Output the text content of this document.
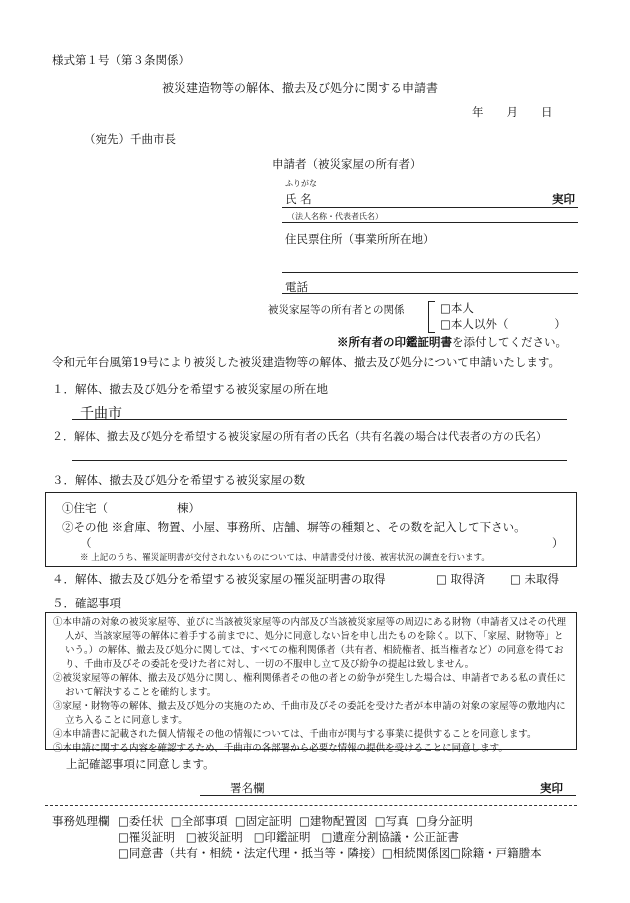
様式第１号（第３条関係）
被災建造物等の解体、撤去及び処分に関する申請書
年　　月　　日
（宛先）千曲市長
申請者（被災家屋の所有者）
ふりがな
氏 名	実印
（法人名称・代表者氏名）
住民票住所（事業所所在地）
電話
被災家屋等の所有者との関係	□本人
□本人以外（　　　　）
※所有者の印鑑証明書を添付してください。
令和元年台風第19号により被災した被災建造物等の解体、撤去及び処分について申請いたします。
１．解体、撤去及び処分を希望する被災家屋の所在地
千曲市
２．解体、撤去及び処分を希望する被災家屋の所有者の氏名（共有名義の場合は代表者の方の氏名）
３．解体、撤去及び処分を希望する被災家屋の数
①住宅（　　　　　　棟）
②その他 ※倉庫、物置、小屋、事務所、店舗、塀等の種類と、その数を記入して下さい。
（	）
※ 上記のうち、罹災証明書が交付されないものについては、申請書受付け後、被害状況の調査を行います。
４．解体、撤去及び処分を希望する被災家屋の罹災証明書の取得	□ 取得済 □ 未取得
５．確認事項

①本申請の対象の被災家屋等、並びに当該被災家屋等の内部及び当該被災家屋等の周辺にある財物（申請者又はその代理人が、当該家屋等の解体に着手する前までに、処分に同意しない旨を申し出たものを除く。以下、「家屋、財物等」という。）の解体、撤去及び処分に関しては、すべての権利関係者（共有者、相続権者、抵当権者など）の同意を得ており、千曲市及びその委託を受けた者に対し、一切の不服申し立て及び紛争の提起は致しません。

②被災家屋等の解体、撤去及び処分に関し、権利関係者その他の者との紛争が発生した場合は、申請者である私の責任において解決することを確約します。

③家屋・財物等の解体、撤去及び処分の実施のため、千曲市及びその委託を受けた者が本申請の対象の家屋等の敷地内に立ち入ることに同意します。

④本申請書に記載された個人情報その他の情報については、千曲市が関与する事業に提供することを同意します。

⑤本申請に関する内容を確認するため、千曲市の各部署から必要な情報の提供を受けることに同意します。

上記確認事項に同意します。
署名欄	実印
事務処理欄 □委任状 □全部事項 □固定証明 □建物配置図 □写真 □身分証明
□罹災証明 □被災証明 □印鑑証明 □遺産分割協議・公正証書
□同意書（共有・相続・法定代理・抵当等・隣接）□相続関係図□除籍・戸籍謄本
